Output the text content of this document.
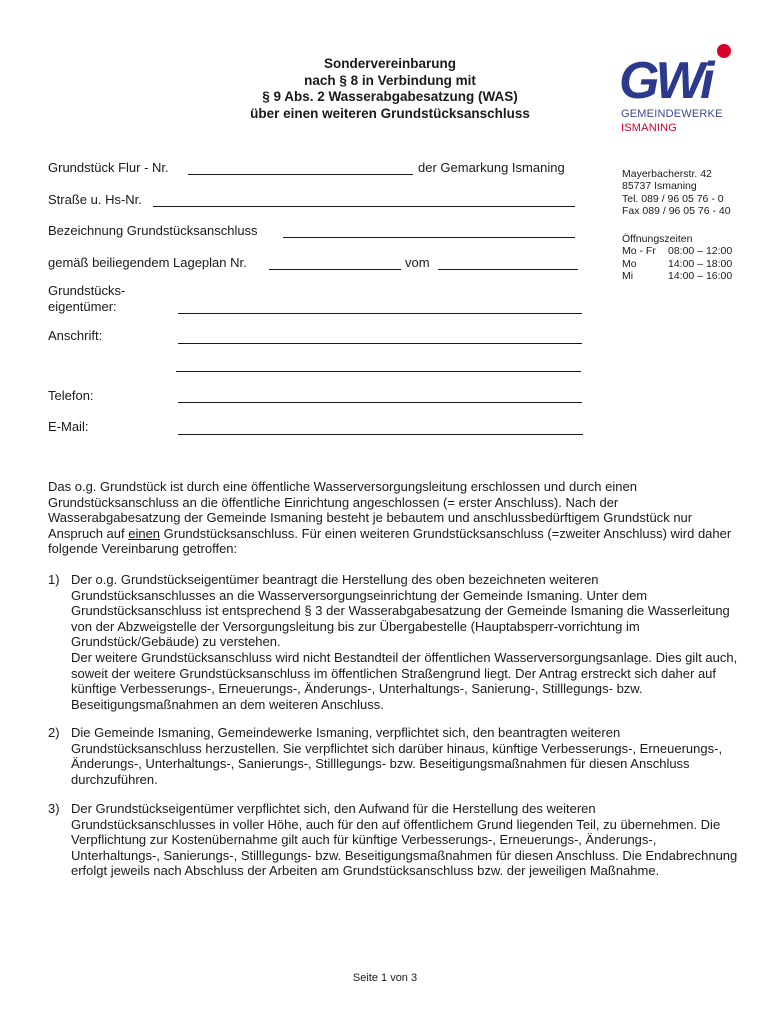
Sondervereinbarung
nach § 8 in Verbindung mit
§ 9 Abs. 2 Wasserabgabesatzung (WAS)
über einen weiteren Grundstücksanschluss
GWi
GEMEINDEWERKE
ISMANING
Mayerbacherstr. 42
85737 Ismaning
Tel. 089 / 96 05 76 - 0
Fax 089 / 96 05 76 - 40
Öffnungszeiten
Mo - Fr 08:00 – 12:00
Mo	14:00 – 18:00
Mi	14:00 – 16:00
Grundstück Flur - Nr.	der Gemarkung Ismaning
Straße u. Hs-Nr.
Bezeichnung Grundstücksanschluss
gemäß beiliegendem Lageplan Nr.	vom
Grundstücks-
eigentümer:
Anschrift:
Telefon:
E-Mail:
Das o.g. Grundstück ist durch eine öffentliche Wasserversorgungsleitung erschlossen und durch einen Grundstücksanschluss an die öffentliche Einrichtung angeschlossen (= erster Anschluss). Nach der Wasserabgabesatzung der Gemeinde Ismaning besteht je bebautem und anschlussbedürftigem Grundstück nur Anspruch auf einen Grundstücksanschluss. Für einen weiteren Grundstücksanschluss (=zweiter Anschluss) wird daher folgende Vereinbarung getroffen:
1) Der o.g. Grundstückseigentümer beantragt die Herstellung des oben bezeichneten weiteren Grundstücksanschlusses an die Wasserversorgungseinrichtung der Gemeinde Ismaning. Unter dem Grundstücksanschluss ist entsprechend § 3 der Wasserabgabesatzung der Gemeinde Ismaning die Wasserleitung von der Abzweigstelle der Versorgungsleitung bis zur Übergabestelle (Hauptabsperr-vorrichtung im Grundstück/Gebäude) zu verstehen.
Der weitere Grundstücksanschluss wird nicht Bestandteil der öffentlichen Wasserversorgungsanlage. Dies gilt auch, soweit der weitere Grundstücksanschluss im öffentlichen Straßengrund liegt. Der Antrag erstreckt sich daher auf künftige Verbesserungs-, Erneuerungs-, Änderungs-, Unterhaltungs-, Sanierung-, Stilllegungs- bzw. Beseitigungsmaßnahmen an dem weiteren Anschluss.
2) Die Gemeinde Ismaning, Gemeindewerke Ismaning, verpflichtet sich, den beantragten weiteren Grundstücksanschluss herzustellen. Sie verpflichtet sich darüber hinaus, künftige Verbesserungs-, Erneuerungs-, Änderungs-, Unterhaltungs-, Sanierungs-, Stilllegungs- bzw. Beseitigungsmaßnahmen für diesen Anschluss durchzuführen.
3) Der Grundstückseigentümer verpflichtet sich, den Aufwand für die Herstellung des weiteren Grundstücksanschlusses in voller Höhe, auch für den auf öffentlichem Grund liegenden Teil, zu übernehmen. Die Verpflichtung zur Kostenübernahme gilt auch für künftige Verbesserungs-, Erneuerungs-, Änderungs-, Unterhaltungs-, Sanierungs-, Stilllegungs- bzw. Beseitigungsmaßnahmen für diesen Anschluss. Die Endabrechnung erfolgt jeweils nach Abschluss der Arbeiten am Grundstücksanschluss bzw. der jeweiligen Maßnahme.
Seite 1 von 3
